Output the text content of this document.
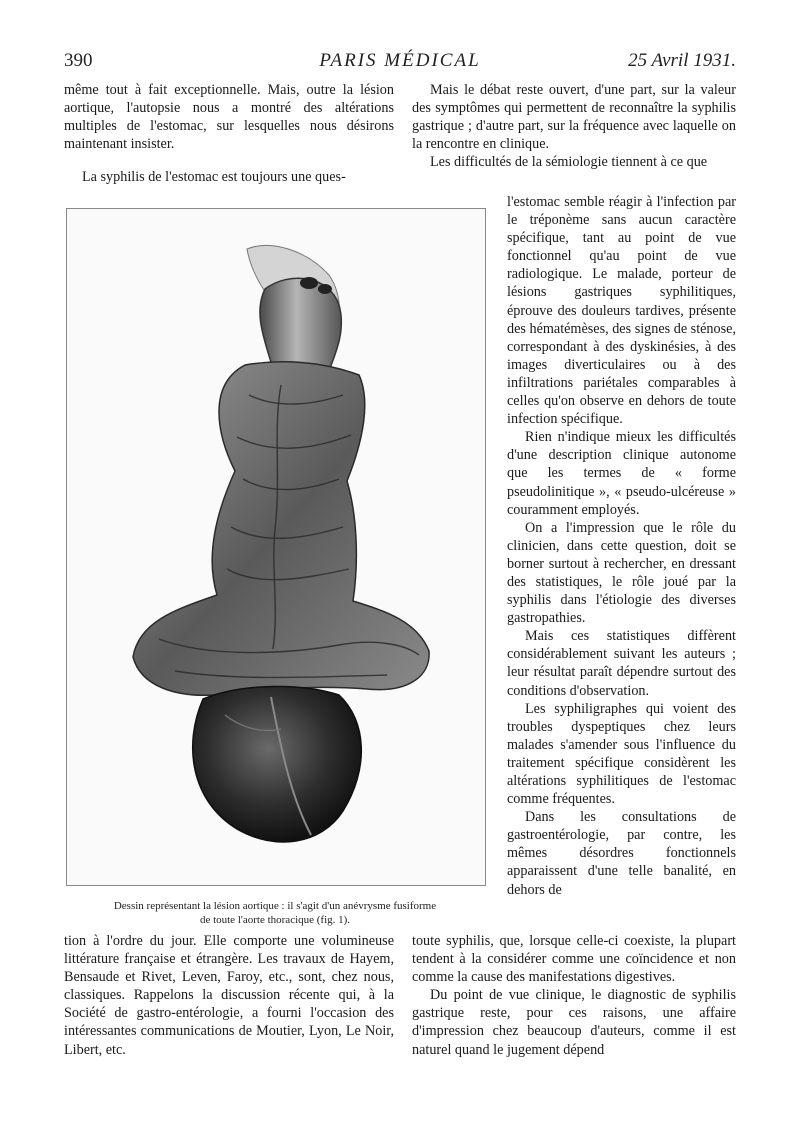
390	PARIS MÉDICAL	25 Avril 1931.

même tout à fait exceptionnelle. Mais, outre la lésion aortique, l'autopsie nous a montré des altérations multiples de l'estomac, sur lesquelles nous désirons maintenant insister.

La syphilis de l'estomac est toujours une ques-

Mais le débat reste ouvert, d'une part, sur la valeur des symptômes qui permettent de reconnaître la syphilis gastrique ; d'autre part, sur la fréquence avec laquelle on la rencontre en clinique.

Les difficultés de la sémiologie tiennent à ce que

Dessin représentant la lésion aortique : il s'agit d'un anévrysme fusiforme
de toute l'aorte thoracique (fig. 1).

l'estomac semble réagir à l'infection par le tréponème sans aucun caractère spécifique, tant au point de vue fonctionnel qu'au point de vue radiologique. Le malade, porteur de lésions gastriques syphilitiques, éprouve des douleurs tardives, présente des hématémèses, des signes de sténose, correspondant à des dyskinésies, à des images diverticulaires ou à des infiltrations pariétales comparables à celles qu'on observe en dehors de toute infection spécifique.

Rien n'indique mieux les difficultés d'une description clinique autonome que les termes de « forme pseudolinitique », « pseudo-ulcéreuse » couramment employés.

On a l'impression que le rôle du clinicien, dans cette question, doit se borner surtout à rechercher, en dressant des statistiques, le rôle joué par la syphilis dans l'étiologie des diverses gastropathies.

Mais ces statistiques diffèrent considérablement suivant les auteurs ; leur résultat paraît dépendre surtout des conditions d'observation.

Les syphiligraphes qui voient des troubles dyspeptiques chez leurs malades s'amender sous l'influence du traitement spécifique considèrent les altérations syphilitiques de l'estomac comme fréquentes.

Dans les consultations de gastroentérologie, par contre, les mêmes désordres fonctionnels apparaissent d'une telle banalité, en dehors de

tion à l'ordre du jour. Elle comporte une volumineuse littérature française et étrangère. Les travaux de Hayem, Bensaude et Rivet, Leven, Faroy, etc., sont, chez nous, classiques. Rappelons la discussion récente qui, à la Société de gastro-entérologie, a fourni l'occasion des intéressantes communications de Moutier, Lyon, Le Noir, Libert, etc.

toute syphilis, que, lorsque celle-ci coexiste, la plupart tendent à la considérer comme une coïncidence et non comme la cause des manifestations digestives.

Du point de vue clinique, le diagnostic de syphilis gastrique reste, pour ces raisons, une affaire d'impression chez beaucoup d'auteurs, comme il est naturel quand le jugement dépend
